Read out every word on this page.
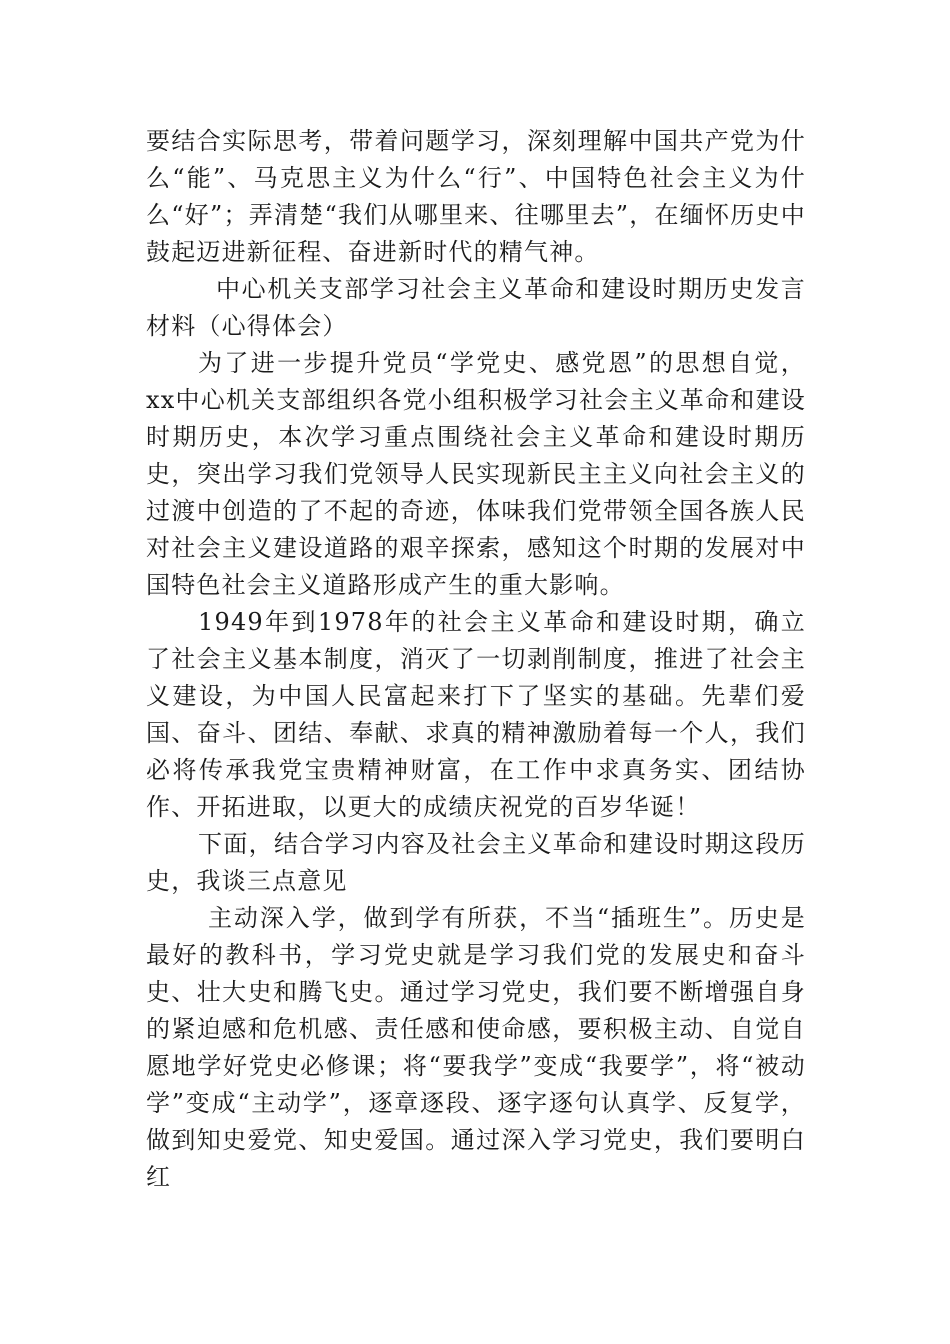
要结合实际思考，带着问题学习，深刻理解中国共产党为什么“能”、马克思主义为什么“行”、中国特色社会主义为什么“好”；弄清楚“我们从哪里来、往哪里去”，在缅怀历史中鼓起迈进新征程、奋进新时代的精气神。

中心机关支部学习社会主义革命和建设时期历史发言材料（心得体会）

为了进一步提升党员“学党史、感党恩”的思想自觉，xx中心机关支部组织各党小组积极学习社会主义革命和建设时期历史，本次学习重点围绕社会主义革命和建设时期历史，突出学习我们党领导人民实现新民主主义向社会主义的过渡中创造的了不起的奇迹，体味我们党带领全国各族人民对社会主义建设道路的艰辛探索，感知这个时期的发展对中国特色社会主义道路形成产生的重大影响。

1949年到1978年的社会主义革命和建设时期，确立了社会主义基本制度，消灭了一切剥削制度，推进了社会主义建设，为中国人民富起来打下了坚实的基础。先辈们爱国、奋斗、团结、奉献、求真的精神激励着每一个人，我们必将传承我党宝贵精神财富，在工作中求真务实、团结协作、开拓进取，以更大的成绩庆祝党的百岁华诞！

下面，结合学习内容及社会主义革命和建设时期这段历史，我谈三点意见

主动深入学，做到学有所获，不当“插班生”。历史是最好的教科书，学习党史就是学习我们党的发展史和奋斗史、壮大史和腾飞史。通过学习党史，我们要不断增强自身的紧迫感和危机感、责任感和使命感，要积极主动、自觉自愿地学好党史必修课；将“要我学”变成“我要学”，将“被动学”变成“主动学”，逐章逐段、逐字逐句认真学、反复学，做到知史爱党、知史爱国。通过深入学习党史，我们要明白红
